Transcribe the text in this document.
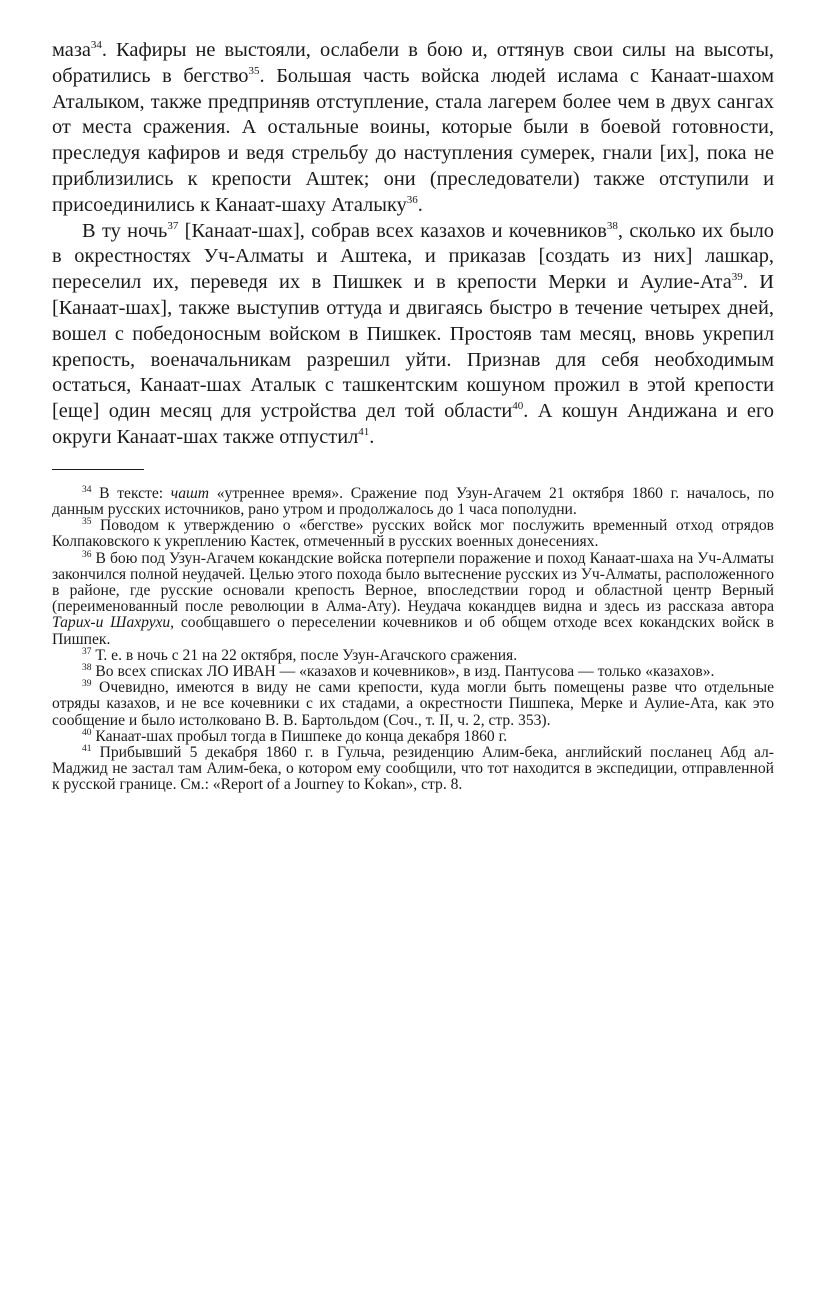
маза$^{34}$. Кафиры не выстояли, ослабели в бою и, оттянув свои силы на высоты, обратились в бегство$^{35}$. Большая часть войска людей ислама с Канаат-шахом Аталыком, также предприняв отступление, стала лагерем более чем в двух сангах от места сражения. А остальные воины, которые были в боевой готовности, преследуя кафиров и ведя стрельбу до наступления сумерек, гнали [их], пока не приблизились к крепости Аштек; они (преследователи) также отступили и присоединились к Канаат-шаху Аталыку$^{36}$.

В ту ночь$^{37}$ [Канаат-шах], собрав всех казахов и кочевников$^{38}$, сколько их было в окрестностях Уч-Алматы и Аштека, и приказав [создать из них] лашкар, переселил их, переведя их в Пишкек и в крепости Мерки и Аулие-Ата$^{39}$. И [Канаат-шах], также выступив оттуда и двигаясь быстро в течение четырех дней, вошел с победоносным войском в Пишкек. Простояв там месяц, вновь укрепил крепость, военачальникам разрешил уйти. Признав для себя необходимым остаться, Канаат-шах Аталык с ташкентским кошуном прожил в этой крепости [еще] один месяц для устройства дел той области$^{40}$. А кошун Андижана и его округи Канаат-шах также отпустил$^{41}$.

$^{34}$ В тексте: чашт «утреннее время». Сражение под Узун-Агачем 21 октября 1860 г. началось, по данным русских источников, рано утром и продолжалось до 1 часа пополудни.

$^{35}$ Поводом к утверждению о «бегстве» русских войск мог послужить временный отход отрядов Колпаковского к укреплению Кастек, отмеченный в русских военных донесениях.

$^{36}$ В бою под Узун-Агачем кокандские войска потерпели поражение и поход Канаат-шаха на Уч-Алматы закончился полной неудачей. Целью этого похода было вытеснение русских из Уч-Алматы, расположенного в районе, где русские основали крепость Верное, впоследствии город и областной центр Верный (переименованный после революции в Алма-Ату). Неудача кокандцев видна и здесь из рассказа автора Тарих-и Шахрухи, сообщавшего о переселении кочевников и об общем отходе всех кокандских войск в Пишпек.

$^{37}$ Т. е. в ночь с 21 на 22 октября, после Узун-Агачского сражения.

$^{38}$ Во всех списках ЛО ИВАН — «казахов и кочевников», в изд. Пантусова — только «казахов».

$^{39}$ Очевидно, имеются в виду не сами крепости, куда могли быть помещены разве что отдельные отряды казахов, и не все кочевники с их стадами, а окрестности Пишпека, Мерке и Аулие-Ата, как это сообщение и было истолковано В. В. Бартольдом (Соч., т. II, ч. 2, стр. 353).

$^{40}$ Канаат-шах пробыл тогда в Пишпеке до конца декабря 1860 г.

$^{41}$ Прибывший 5 декабря 1860 г. в Гульча, резиденцию Алим-бека, английский посланец Абд ал-Маджид не застал там Алим-бека, о котором ему сообщили, что тот находится в экспедиции, отправленной к русской границе. См.: «Report of a Journey to Kokan», стр. 8.
